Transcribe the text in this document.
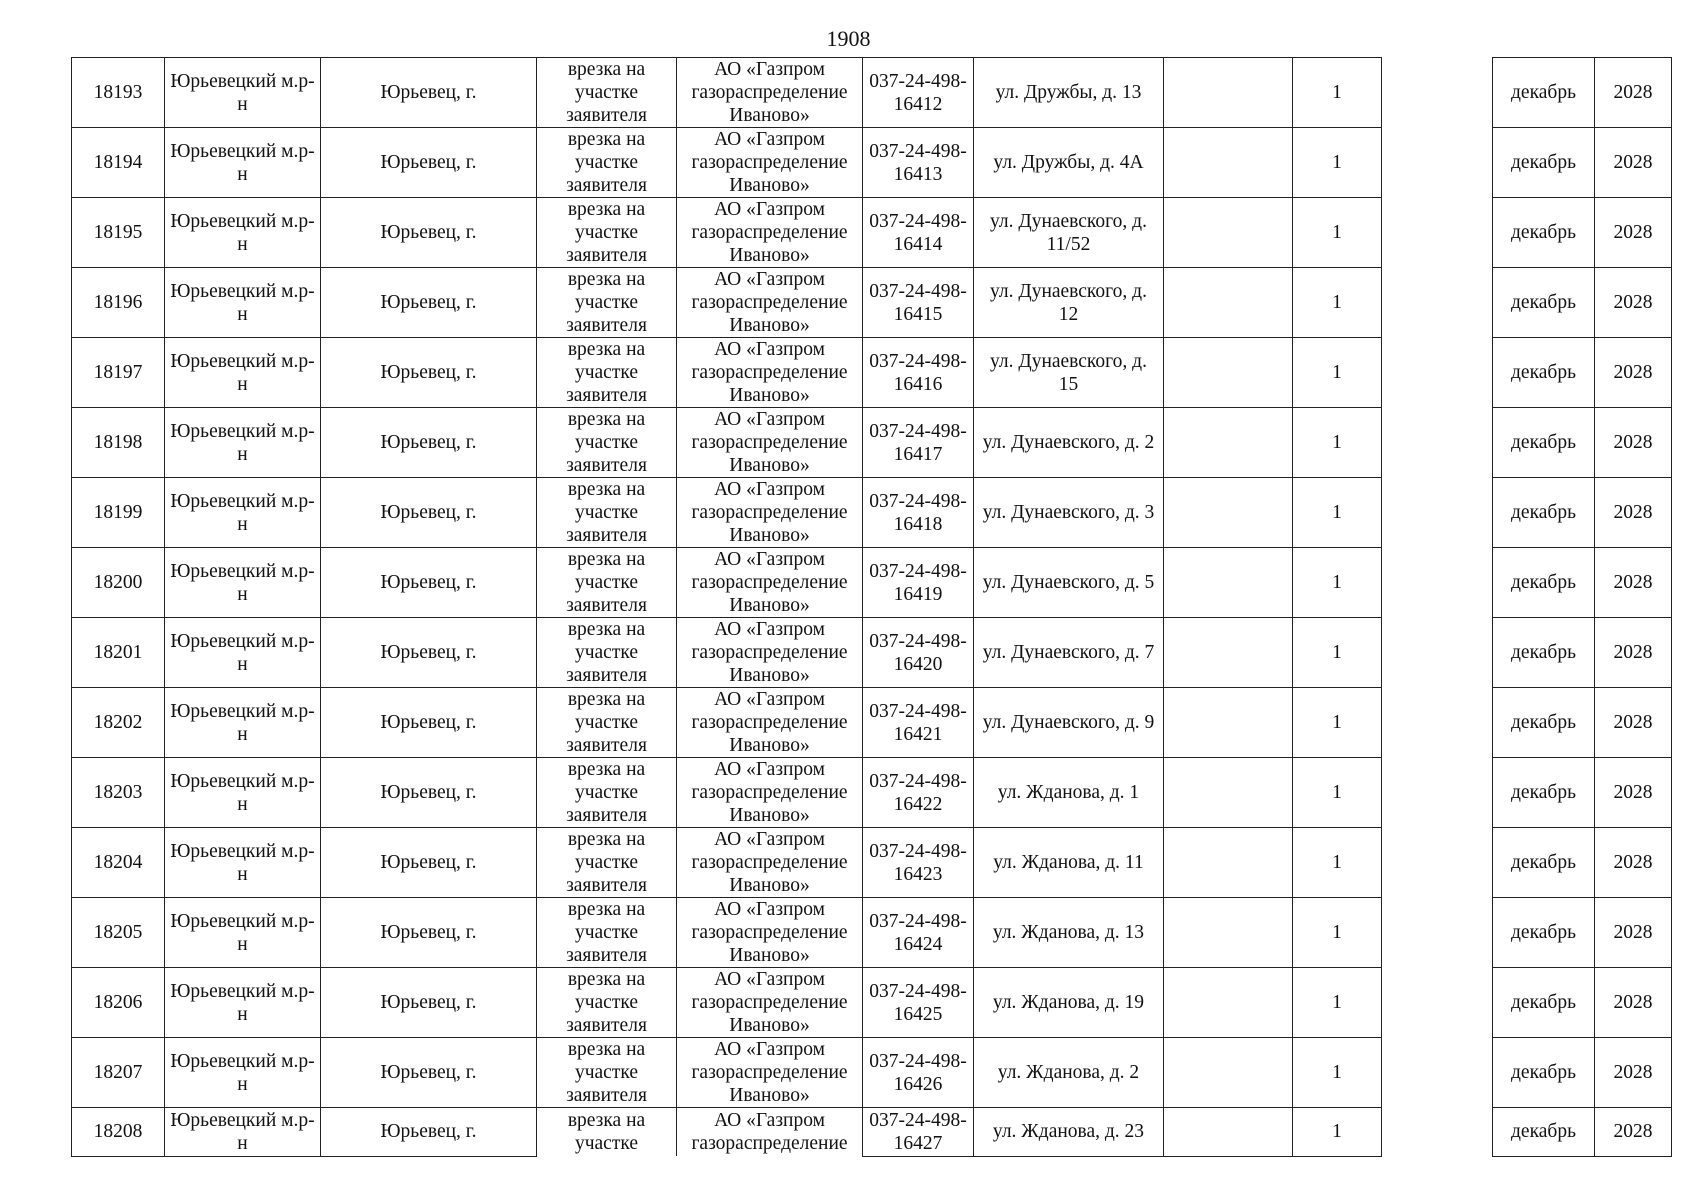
1908
18193	Юрьевецкий м.р-н	Юрьевец, г.	врезка на участке заявителя	АО «Газпром газораспределение Иваново»	037-24-498-16412	ул. Дружбы, д. 13		1		декабрь	2028
18194	Юрьевецкий м.р-н	Юрьевец, г.	врезка на участке заявителя	АО «Газпром газораспределение Иваново»	037-24-498-16413	ул. Дружбы, д. 4А		1		декабрь	2028
18195	Юрьевецкий м.р-н	Юрьевец, г.	врезка на участке заявителя	АО «Газпром газораспределение Иваново»	037-24-498-16414	ул. Дунаевского, д. 11/52		1		декабрь	2028
18196	Юрьевецкий м.р-н	Юрьевец, г.	врезка на участке заявителя	АО «Газпром газораспределение Иваново»	037-24-498-16415	ул. Дунаевского, д. 12		1		декабрь	2028
18197	Юрьевецкий м.р-н	Юрьевец, г.	врезка на участке заявителя	АО «Газпром газораспределение Иваново»	037-24-498-16416	ул. Дунаевского, д. 15		1		декабрь	2028
18198	Юрьевецкий м.р-н	Юрьевец, г.	врезка на участке заявителя	АО «Газпром газораспределение Иваново»	037-24-498-16417	ул. Дунаевского, д. 2		1		декабрь	2028
18199	Юрьевецкий м.р-н	Юрьевец, г.	врезка на участке заявителя	АО «Газпром газораспределение Иваново»	037-24-498-16418	ул. Дунаевского, д. 3		1		декабрь	2028
18200	Юрьевецкий м.р-н	Юрьевец, г.	врезка на участке заявителя	АО «Газпром газораспределение Иваново»	037-24-498-16419	ул. Дунаевского, д. 5		1		декабрь	2028
18201	Юрьевецкий м.р-н	Юрьевец, г.	врезка на участке заявителя	АО «Газпром газораспределение Иваново»	037-24-498-16420	ул. Дунаевского, д. 7		1		декабрь	2028
18202	Юрьевецкий м.р-н	Юрьевец, г.	врезка на участке заявителя	АО «Газпром газораспределение Иваново»	037-24-498-16421	ул. Дунаевского, д. 9		1		декабрь	2028
18203	Юрьевецкий м.р-н	Юрьевец, г.	врезка на участке заявителя	АО «Газпром газораспределение Иваново»	037-24-498-16422	ул. Жданова, д. 1		1		декабрь	2028
18204	Юрьевецкий м.р-н	Юрьевец, г.	врезка на участке заявителя	АО «Газпром газораспределение Иваново»	037-24-498-16423	ул. Жданова, д. 11		1		декабрь	2028
18205	Юрьевецкий м.р-н	Юрьевец, г.	врезка на участке заявителя	АО «Газпром газораспределение Иваново»	037-24-498-16424	ул. Жданова, д. 13		1		декабрь	2028
18206	Юрьевецкий м.р-н	Юрьевец, г.	врезка на участке заявителя	АО «Газпром газораспределение Иваново»	037-24-498-16425	ул. Жданова, д. 19		1		декабрь	2028
18207	Юрьевецкий м.р-н	Юрьевец, г.	врезка на участке заявителя	АО «Газпром газораспределение Иваново»	037-24-498-16426	ул. Жданова, д. 2		1		декабрь	2028
18208	Юрьевецкий м.р-н	Юрьевец, г.	врезка на участке	АО «Газпром газораспределение	037-24-498-16427	ул. Жданова, д. 23		1		декабрь	2028
